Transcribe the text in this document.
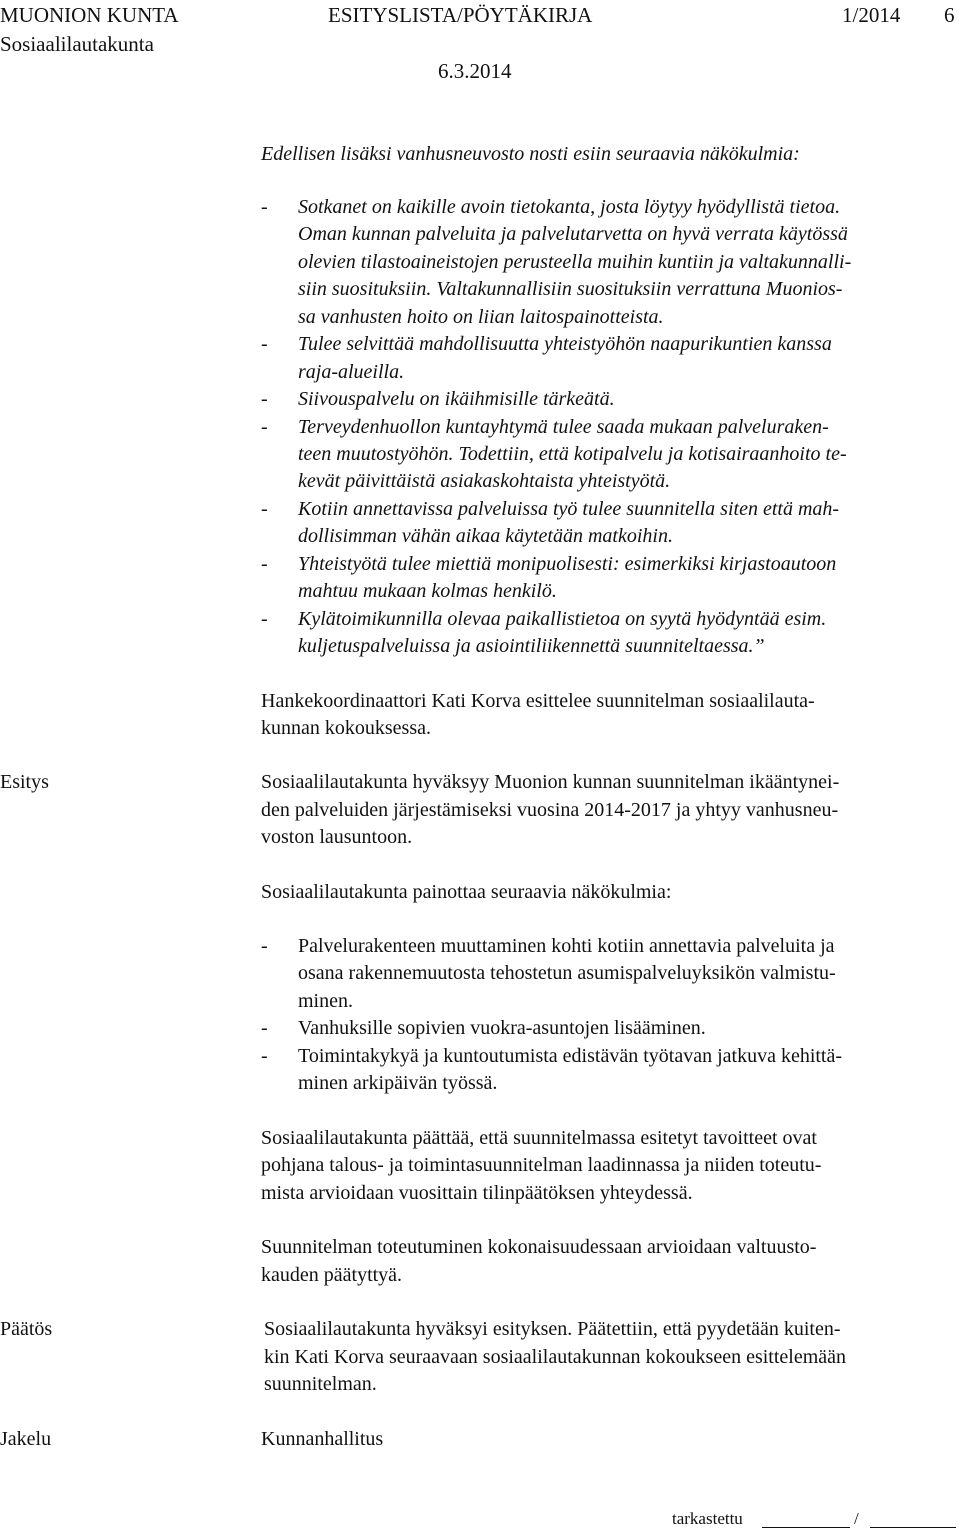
MUONION KUNTA	ESITYSLISTA/PÖYTÄKIRJA	1/2014 6
Sosiaalilautakunta
6.3.2014
Edellisen lisäksi vanhusneuvosto nosti esiin seuraavia näkökulmia:
- Sotkanet on kaikille avoin tietokanta, josta löytyy hyödyllistä tietoa.
Oman kunnan palveluita ja palvelutarvetta on hyvä verrata käytössä
olevien tilastoaineistojen perusteella muihin kuntiin ja valtakunnalli-
siin suosituksiin. Valtakunnallisiin suosituksiin verrattuna Muonios-
sa vanhusten hoito on liian laitospainotteista.
- Tulee selvittää mahdollisuutta yhteistyöhön naapurikuntien kanssa
raja-alueilla.
- Siivouspalvelu on ikäihmisille tärkeätä.
- Terveydenhuollon kuntayhtymä tulee saada mukaan palveluraken-
teen muutostyöhön. Todettiin, että kotipalvelu ja kotisairaanhoito te-
kevät päivittäistä asiakaskohtaista yhteistyötä.
- Kotiin annettavissa palveluissa työ tulee suunnitella siten että mah-
dollisimman vähän aikaa käytetään matkoihin.
- Yhteistyötä tulee miettiä monipuolisesti: esimerkiksi kirjastoautoon
mahtuu mukaan kolmas henkilö.
- Kylätoimikunnilla olevaa paikallistietoa on syytä hyödyntää esim.
kuljetuspalveluissa ja asiointiliikennettä suunniteltaessa.”
Hankekoordinaattori Kati Korva esittelee suunnitelman sosiaalilauta-
kunnan kokouksessa.
Esitys	Sosiaalilautakunta hyväksyy Muonion kunnan suunnitelman ikääntynei-
den palveluiden järjestämiseksi vuosina 2014-2017 ja yhtyy vanhusneu-
voston lausuntoon.
Sosiaalilautakunta painottaa seuraavia näkökulmia:
- Palvelurakenteen muuttaminen kohti kotiin annettavia palveluita ja
osana rakennemuutosta tehostetun asumispalveluyksikön valmistu-
minen.
- Vanhuksille sopivien vuokra-asuntojen lisääminen.
- Toimintakykyä ja kuntoutumista edistävän työtavan jatkuva kehittä-
minen arkipäivän työssä.
Sosiaalilautakunta päättää, että suunnitelmassa esitetyt tavoitteet ovat
pohjana talous- ja toimintasuunnitelman laadinnassa ja niiden toteutu-
mista arvioidaan vuosittain tilinpäätöksen yhteydessä.
Suunnitelman toteutuminen kokonaisuudessaan arvioidaan valtuusto-
kauden päätyttyä.
Päätös	Sosiaalilautakunta hyväksyi esityksen. Päätettiin, että pyydetään kuiten-
kin Kati Korva seuraavaan sosiaalilautakunnan kokoukseen esittelemään
suunnitelman.
Jakelu	Kunnanhallitus
tarkastettu	/
